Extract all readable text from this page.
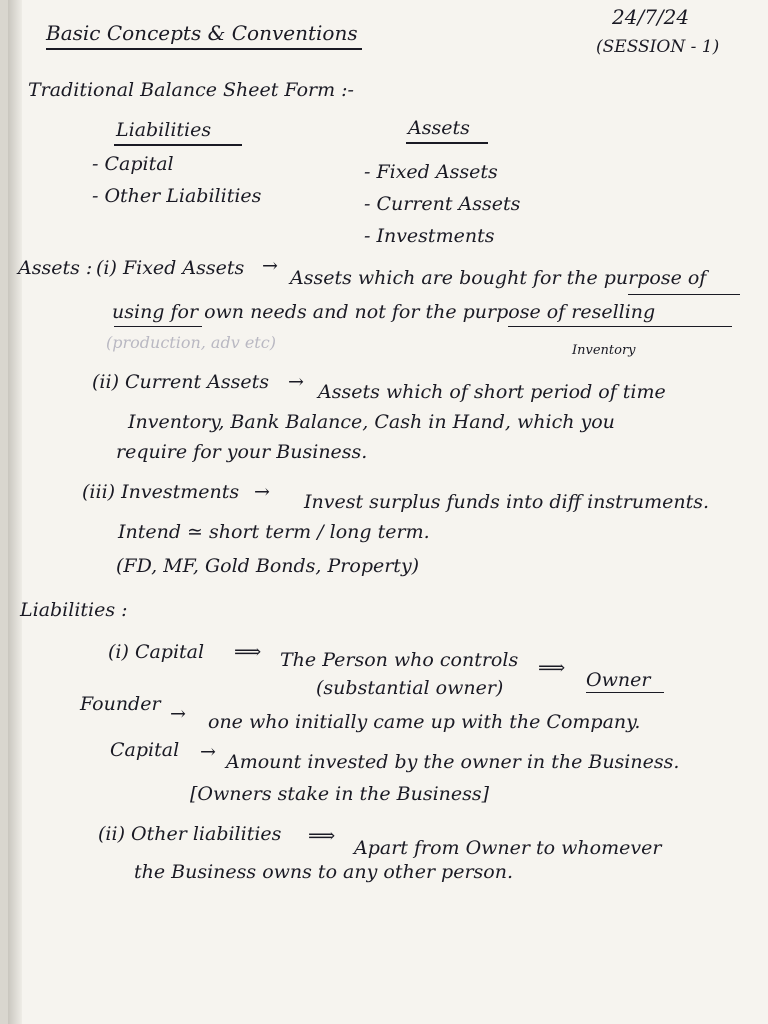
Basic Concepts & Conventions
24/7/24
(SESSION - 1)
Traditional Balance Sheet Form :-
Liabilities
- Capital
- Other Liabilities
Assets
- Fixed Assets
- Current Assets
- Investments
Assets : (i) Fixed Assets →
Assets which are bought for the purpose of
using for own needs and not for the purpose of reselling
(production, adv etc)	Inventory
(ii) Current Assets → Assets which of short period of time
Inventory, Bank Balance, Cash in Hand, which you
require for your Business.
(iii) Investments → Invest surplus funds into diff instruments.
Intend ≃ short term / long term.
(FD, MF, Gold Bonds, Property)
Liabilities :
(i) Capital ⟹ The Person who controls ⟹
Owner
(substantial owner)
Founder → one who initially came up with the Company.
Capital → Amount invested by the owner in the Business.
[Owners stake in the Business]
(ii) Other liabilities ⟹
Apart from Owner to whomever
the Business owns to any other person.
